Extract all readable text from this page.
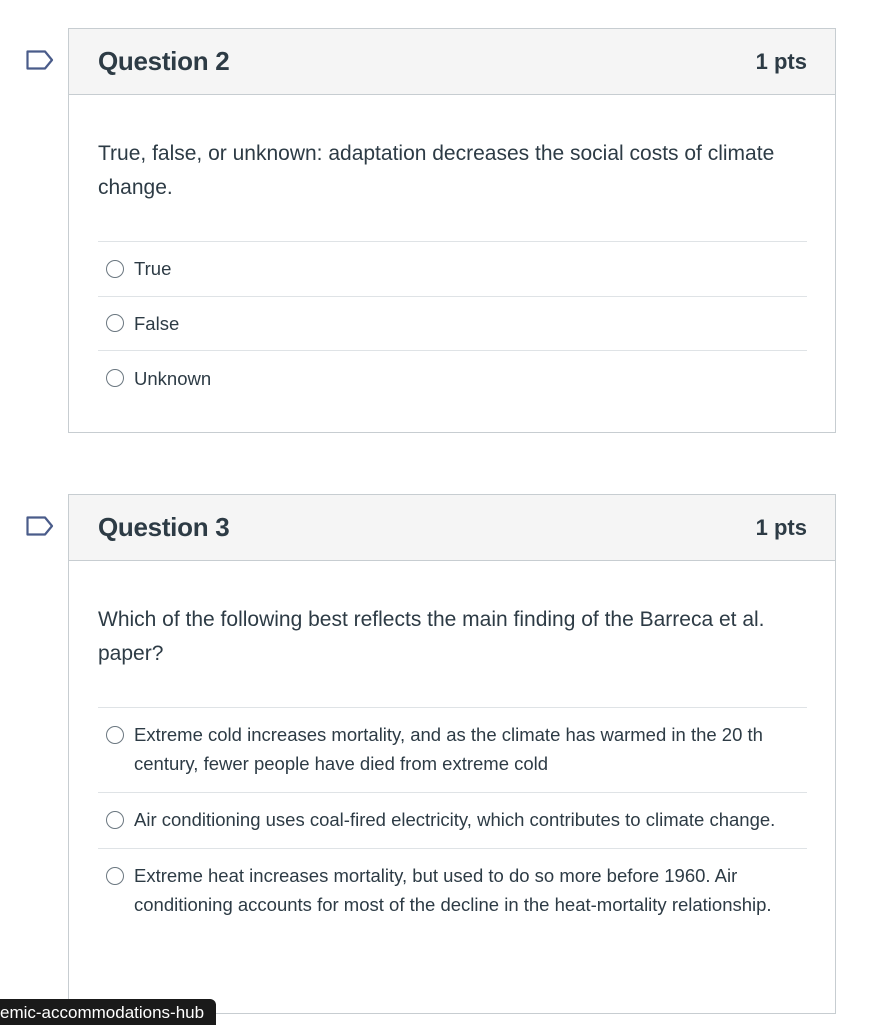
Question 2	1 pts

True, false, or unknown: adaptation decreases the social costs of climate change.

True
False
Unknown
Question 3	1 pts

Which of the following best reflects the main finding of the Barreca et al. paper?

Extreme cold increases mortality, and as the climate has warmed in the 20 th century, fewer people have died from extreme cold
Air conditioning uses coal-fired electricity, which contributes to climate change.
Extreme heat increases mortality, but used to do so more before 1960. Air conditioning accounts for most of the decline in the heat-mortality relationship.
emic-accommodations-hub
